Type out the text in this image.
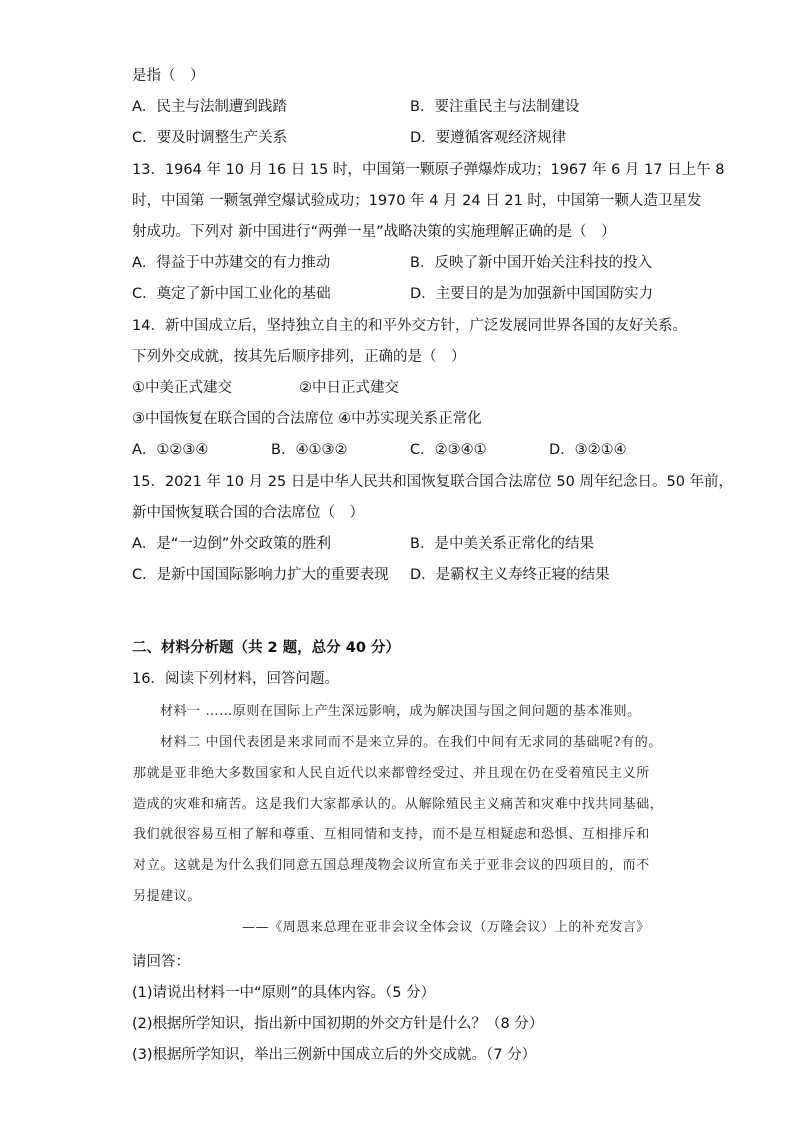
是指（　）
A．民主与法制遭到践踏	B．要注重民主与法制建设
C．要及时调整生产关系	D．要遵循客观经济规律
13．1964 年 10 月 16 日 15 时，中国第一颗原子弹爆炸成功；1967 年 6 月 17 日上午 8
时，中国第 一颗氢弹空爆试验成功；1970 年 4 月 24 日 21 时，中国第一颗人造卫星发
射成功。下列对 新中国进行“两弹一星”战略决策的实施理解正确的是（　）
A．得益于中苏建交的有力推动	B．反映了新中国开始关注科技的投入
C．奠定了新中国工业化的基础	D．主要目的是为加强新中国国防实力
14．新中国成立后，坚持独立自主的和平外交方针，广泛发展同世界各国的友好关系。
下列外交成就，按其先后顺序排列，正确的是（　）
①中美正式建交	②中日正式建交
③中国恢复在联合国的合法席位 ④中苏实现关系正常化
A．①②③④	B．④①③②	C．②③④①	D．③②①④
15．2021 年 10 月 25 日是中华人民共和国恢复联合国合法席位 50 周年纪念日。50 年前，
新中国恢复联合国的合法席位（　）
A．是“一边倒”外交政策的胜利	B．是中美关系正常化的结果
C．是新中国国际影响力扩大的重要表现 D．是霸权主义寿终正寝的结果
二、材料分析题（共 2 题，总分 40 分）
16．阅读下列材料，回答问题。
材料一 ……原则在国际上产生深远影响，成为解决国与国之间问题的基本准则。
材料二 中国代表团是来求同而不是来立异的。在我们中间有无求同的基础呢?有的。
那就是亚非绝大多数国家和人民自近代以来都曾经受过、并且现在仍在受着殖民主义所
造成的灾难和痛苦。这是我们大家都承认的。从解除殖民主义痛苦和灾难中找共同基础，
我们就很容易互相了解和尊重、互相同情和支持，而不是互相疑虑和恐惧、互相排斥和
对立。这就是为什么我们同意五国总理茂物会议所宣布关于亚非会议的四项目的，而不
另提建议。
——《周恩来总理在亚非会议全体会议（万隆会议）上的补充发言》
请回答：
(1)请说出材料一中“原则”的具体内容。（5 分）
(2)根据所学知识，指出新中国初期的外交方针是什么？（8 分）
(3)根据所学知识，举出三例新中国成立后的外交成就。（7 分）
